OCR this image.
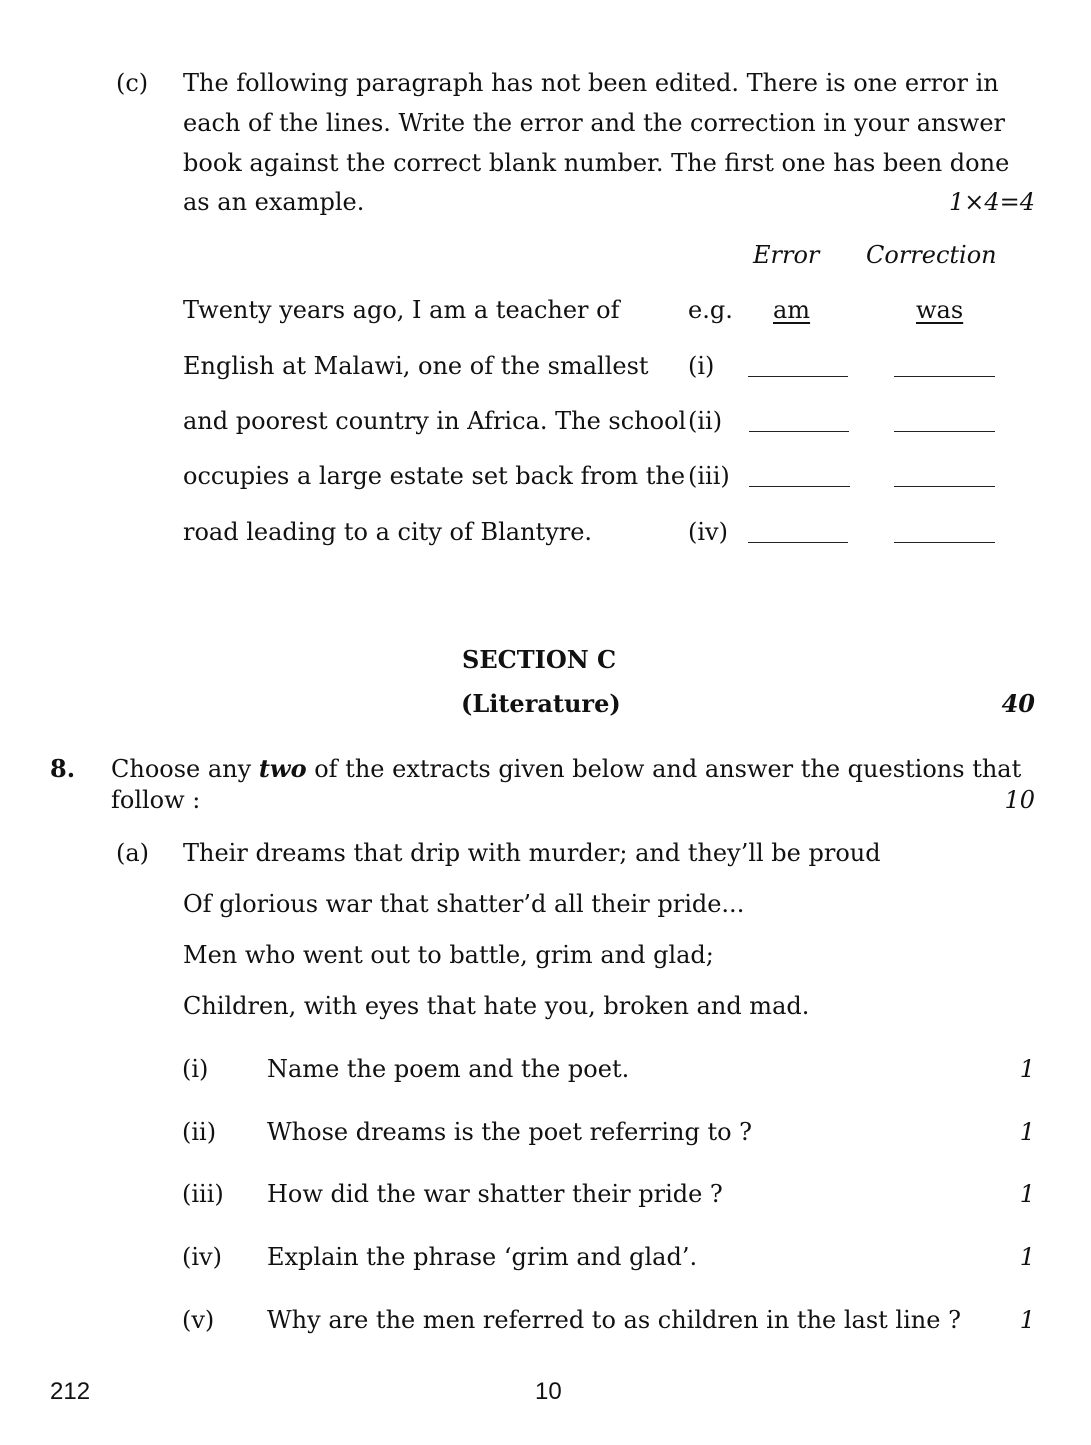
(c) The following paragraph has not been edited. There is one error in
each of the lines. Write the error and the correction in your answer
book against the correct blank number. The first one has been done
as an example.	1×4=4
Error Correction
Twenty years ago, I am a teacher of	e.g. am	was
English at Malawi, one of the smallest (i)
and poorest country in Africa. The school (ii)
occupies a large estate set back from the (iii)
road leading to a city of Blantyre.	(iv)
SECTION C
(Literature)	40
8. Choose any two of the extracts given below and answer the questions that
follow :	10
(a) Their dreams that drip with murder; and they’ll be proud
Of glorious war that shatter’d all their pride...
Men who went out to battle, grim and glad;
Children, with eyes that hate you, broken and mad.
(i) Name the poem and the poet.	1
(ii) Whose dreams is the poet referring to ?	1
(iii) How did the war shatter their pride ?	1
(iv) Explain the phrase ‘grim and glad’.	1
(v) Why are the men referred to as children in the last line ?	1
212	10
